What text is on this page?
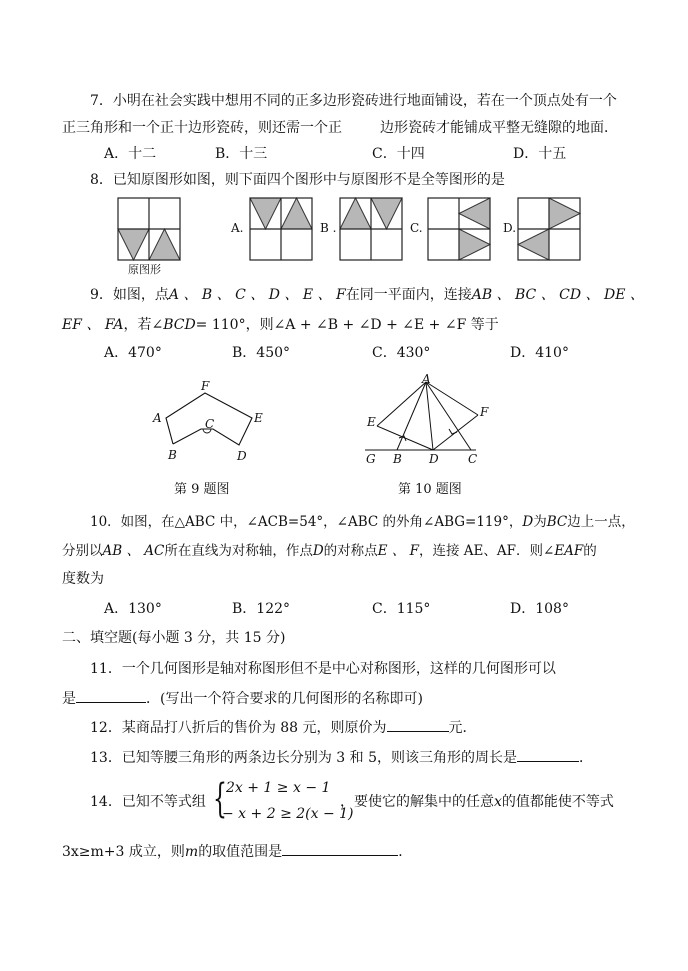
7．小明在社会实践中想用不同的正多边形瓷砖进行地面铺设，若在一个顶点处有一个
正三角形和一个正十边形瓷砖，则还需一个正	边形瓷砖才能铺成平整无缝隙的地面．
A．十二	B．十三	C．十四	D．十五
8．已知原图形如图，则下面四个图形中与原图形不是全等图形的是
原图形
A.	B .	C.	D.
9．如图，点A 、 B 、 C 、 D 、 E 、 F在同一平面内，连接AB 、 BC 、 CD 、 DE 、
EF 、 FA，若∠BCD= 110°，则∠A + ∠B + ∠D + ∠E + ∠F 等于
A．470°	B．450°	C．430°	D．410°
F
A	E
C
B	D
A
E
F
G B D C
第 9 题图	第 10 题图
10．如图，在△ABC 中，∠ACB=54°，∠ABC 的外角∠ABG=119°，D为BC边上一点，
分别以AB 、 AC所在直线为对称轴，作点D的对称点E 、 F，连接 AE、AF．则∠EAF的
度数为
A．130°	B．122°	C．115°	D．108°
二、填空题(每小题 3 分，共 15 分)
11．一个几何图形是轴对称图形但不是中心对称图形，这样的几何图形可以
是	．(写出一个符合要求的几何图形的名称即可)
12．某商品打八折后的售价为 88 元，则原价为	元．
13．已知等腰三角形的两条边长分别为 3 和 5，则该三角形的周长是	．
14．已知不等式组 { 2x + 1 ≥ x − 1
− x + 2 ≥ 2(x − 1)
，要使它的解集中的任意x的值都能使不等式
3x≥m+3 成立，则m的取值范围是	．
